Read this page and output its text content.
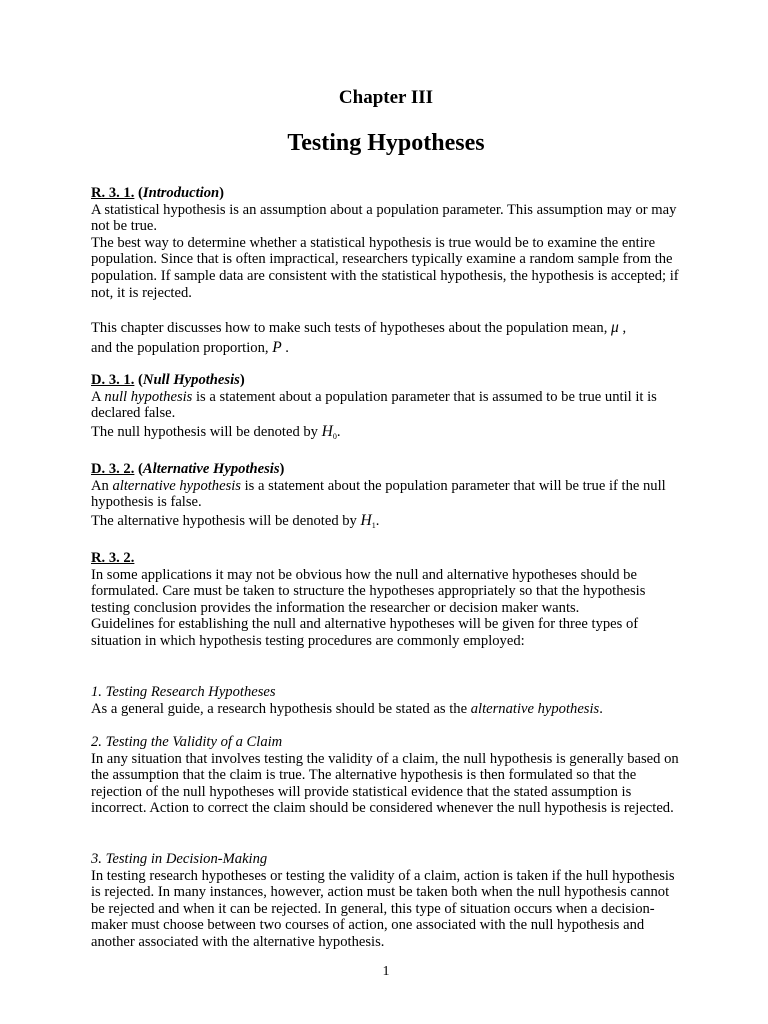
Chapter III
Testing Hypotheses

R. 3. 1. (Introduction)

A statistical hypothesis is an assumption about a population parameter. This assumption may or may not be true.

The best way to determine whether a statistical hypothesis is true would be to examine the entire population. Since that is often impractical, researchers typically examine a random sample from the population. If sample data are consistent with the statistical hypothesis, the hypothesis is accepted; if not, it is rejected.

This chapter discusses how to make such tests of hypotheses about the population mean, μ ,

and the population proportion, P .

D. 3. 1. (Null Hypothesis)

A null hypothesis is a statement about a population parameter that is assumed to be true until it is declared false.

The null hypothesis will be denoted by $H_0$.

D. 3. 2. (Alternative Hypothesis)

An alternative hypothesis is a statement about the population parameter that will be true if the null hypothesis is false.

The alternative hypothesis will be denoted by $H_1$.

R. 3. 2.

In some applications it may not be obvious how the null and alternative hypotheses should be formulated. Care must be taken to structure the hypotheses appropriately so that the hypothesis testing conclusion provides the information the researcher or decision maker wants.

Guidelines for establishing the null and alternative hypotheses will be given for three types of situation in which hypothesis testing procedures are commonly employed:

1. Testing Research Hypotheses

As a general guide, a research hypothesis should be stated as the alternative hypothesis.

2. Testing the Validity of a Claim

In any situation that involves testing the validity of a claim, the null hypothesis is generally based on the assumption that the claim is true. The alternative hypothesis is then formulated so that the rejection of the null hypotheses will provide statistical evidence that the stated assumption is incorrect. Action to correct the claim should be considered whenever the null hypothesis is rejected.

3. Testing in Decision-Making

In testing research hypotheses or testing the validity of a claim, action is taken if the hull hypothesis is rejected. In many instances, however, action must be taken both when the null hypothesis cannot be rejected and when it can be rejected. In general, this type of situation occurs when a decision-maker must choose between two courses of action, one associated with the null hypothesis and another associated with the alternative hypothesis.

1
